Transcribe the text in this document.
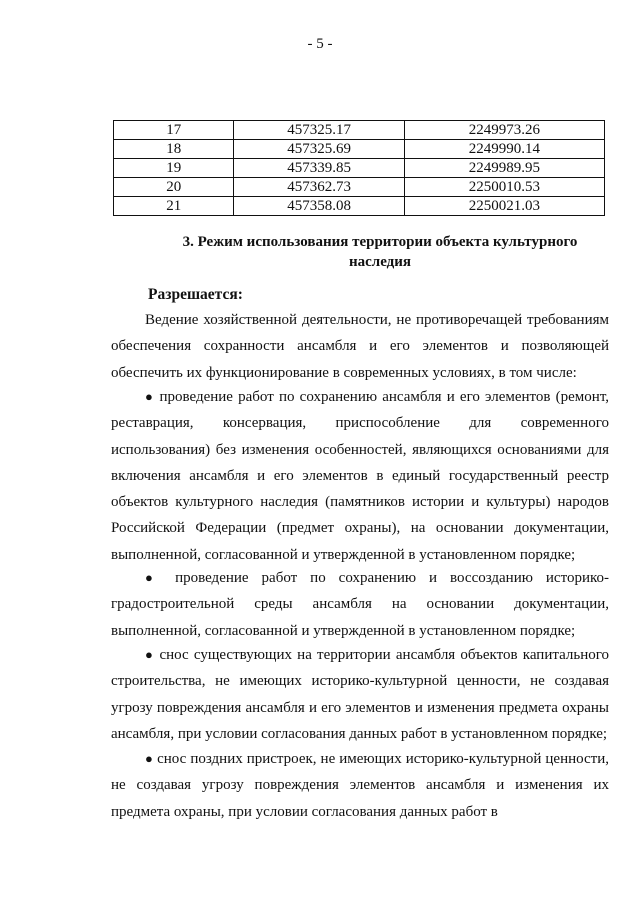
- 5 -
17	457325.17	2249973.26
18	457325.69	2249990.14
19	457339.85	2249989.95
20	457362.73	2250010.53
21	457358.08	2250021.03
3. Режим использования территории объекта культурного наследия
Разрешается:

Ведение хозяйственной деятельности, не противоречащей требованиям обеспечения сохранности ансамбля и его элементов и позволяющей обеспечить их функционирование в современных условиях, в том числе:

● проведение работ по сохранению ансамбля и его элементов (ремонт, реставрация, консервация, приспособление для современного использования) без изменения особенностей, являющихся основаниями для включения ансамбля и его элементов в единый государственный реестр объектов культурного наследия (памятников истории и культуры) народов Российской Федерации (предмет охраны), на основании документации, выполненной, согласованной и утвержденной в установленном порядке;

● проведение работ по сохранению и воссозданию историко-градостроительной среды ансамбля на основании документации, выполненной, согласованной и утвержденной в установленном порядке;

● снос существующих на территории ансамбля объектов капитального строительства, не имеющих историко-культурной ценности, не создавая угрозу повреждения ансамбля и его элементов и изменения предмета охраны ансамбля, при условии согласования данных работ в установленном порядке;

● снос поздних пристроек, не имеющих историко-культурной ценности, не создавая угрозу повреждения элементов ансамбля и изменения их предмета охраны, при условии согласования данных работ в
